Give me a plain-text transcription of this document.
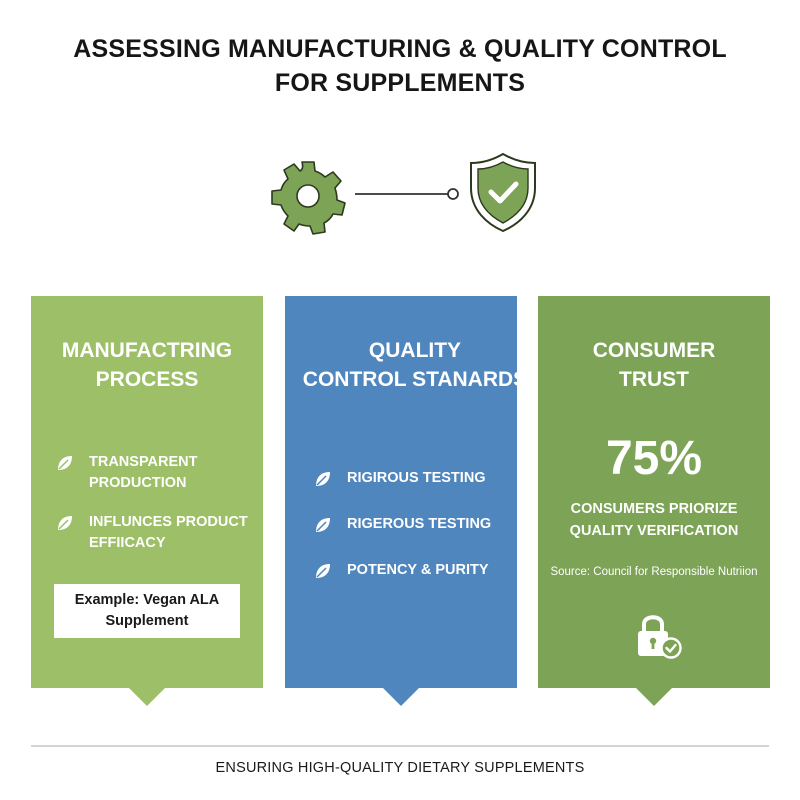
ASSESSING MANUFACTURING & QUALITY CONTROL
FOR SUPPLEMENTS
MANUFACTRING
PROCESS
TRANSPARENT
PRODUCTION
INFLUNCES PRODUCT
EFFIICACY
Example: Vegan ALA
Supplement
QUALITY
CONTROL STANARDS
RIGIROUS TESTING
RIGEROUS TESTING
POTENCY & PURITY
CONSUMER
TRUST
75%
CONSUMERS PRIORIZE
QUALITY VERIFICATION
Source: Council for Responsible Nutriion
ENSURING HIGH-QUALITY DIETARY SUPPLEMENTS
